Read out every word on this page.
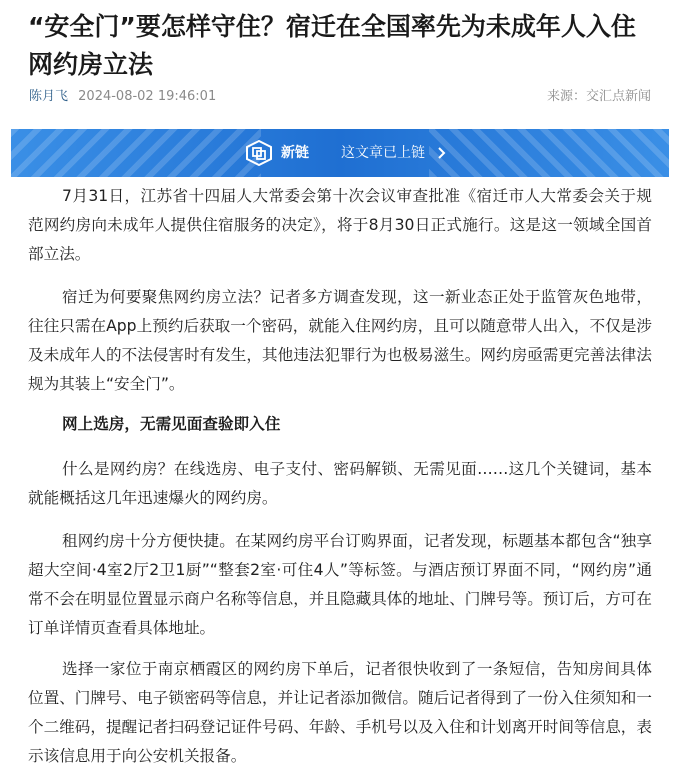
“安全门”要怎样守住？宿迁在全国率先为未成年人入住网约房立法
陈月飞 2024-08-02 19:46:01	来源：交汇点新闻
新链 这文章已上链

7月31日，江苏省十四届人大常委会第十次会议审查批准《宿迁市人大常委会关于规范网约房向未成年人提供住宿服务的决定》，将于8月30日正式施行。这是这一领域全国首部立法。

宿迁为何要聚焦网约房立法？记者多方调查发现，这一新业态正处于监管灰色地带，往往只需在App上预约后获取一个密码，就能入住网约房，且可以随意带人出入，不仅是涉及未成年人的不法侵害时有发生，其他违法犯罪行为也极易滋生。网约房亟需更完善法律法规为其装上“安全门”。

网上选房，无需见面查验即入住

什么是网约房？在线选房、电子支付、密码解锁、无需见面……这几个关键词，基本就能概括这几年迅速爆火的网约房。

租网约房十分方便快捷。在某网约房平台订购界面，记者发现，标题基本都包含“独享超大空间·4室2厅2卫1厨”“整套2室·可住4人”等标签。与酒店预订界面不同，“网约房”通常不会在明显位置显示商户名称等信息，并且隐藏具体的地址、门牌号等。预订后，方可在订单详情页查看具体地址。

选择一家位于南京栖霞区的网约房下单后，记者很快收到了一条短信，告知房间具体位置、门牌号、电子锁密码等信息，并让记者添加微信。随后记者得到了一份入住须知和一个二维码，提醒记者扫码登记证件号码、年龄、手机号以及入住和计划离开时间等信息，表示该信息用于向公安机关报备。
